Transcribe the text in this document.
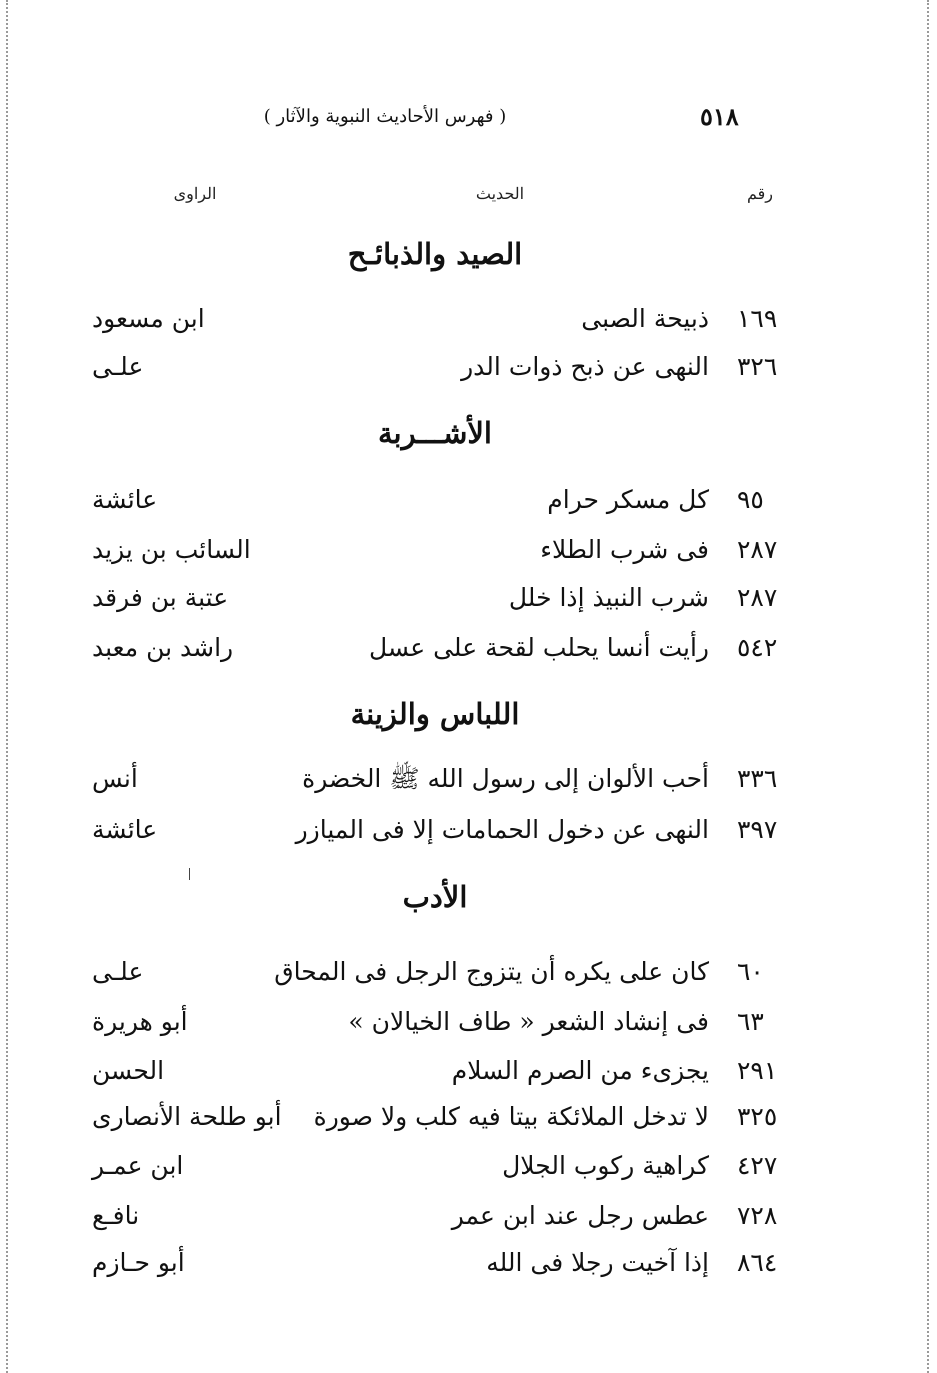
٥١٨
( فهرس الأحاديث النبوية والآثار )
رقم
الحديث
الراوى
الصيد والذبائـح
١٦٩
ذبيحة الصبى
ابن مسعود
٣٢٦
النهى عن ذبح ذوات الدر
علـى
الأشـــربة
٩٥
كل مسكر حرام
عائشة
٢٨٧
فى شرب الطلاء
السائب بن يزيد
٢٨٧
شرب النبيذ إذا خلل
عتبة بن فرقد
٥٤٢
رأيت أنسا يحلب لقحة على عسل
راشد بن معبد
اللباس والزينة
٣٣٦
أحب الألوان إلى رسول الله ﷺ الخضرة
أنس
٣٩٧
النهى عن دخول الحمامات إلا فى الميازر
عائشة
الأدب
٦٠
كان على يكره أن يتزوج الرجل فى المحاق
علـى
٦٣
فى إنشاد الشعر « طاف الخيالان »
أبو هريرة
٢٩١
يجزىء من الصرم السلام
الحسن
٣٢٥
لا تدخل الملائكة بيتا فيه كلب ولا صورة
أبو طلحة الأنصارى
٤٢٧
كراهية ركوب الجلال
ابن عمـر
٧٢٨
عطس رجل عند ابن عمر
نافـع
٨٦٤
إذا آخيت رجلا فى الله
أبو حـازم
